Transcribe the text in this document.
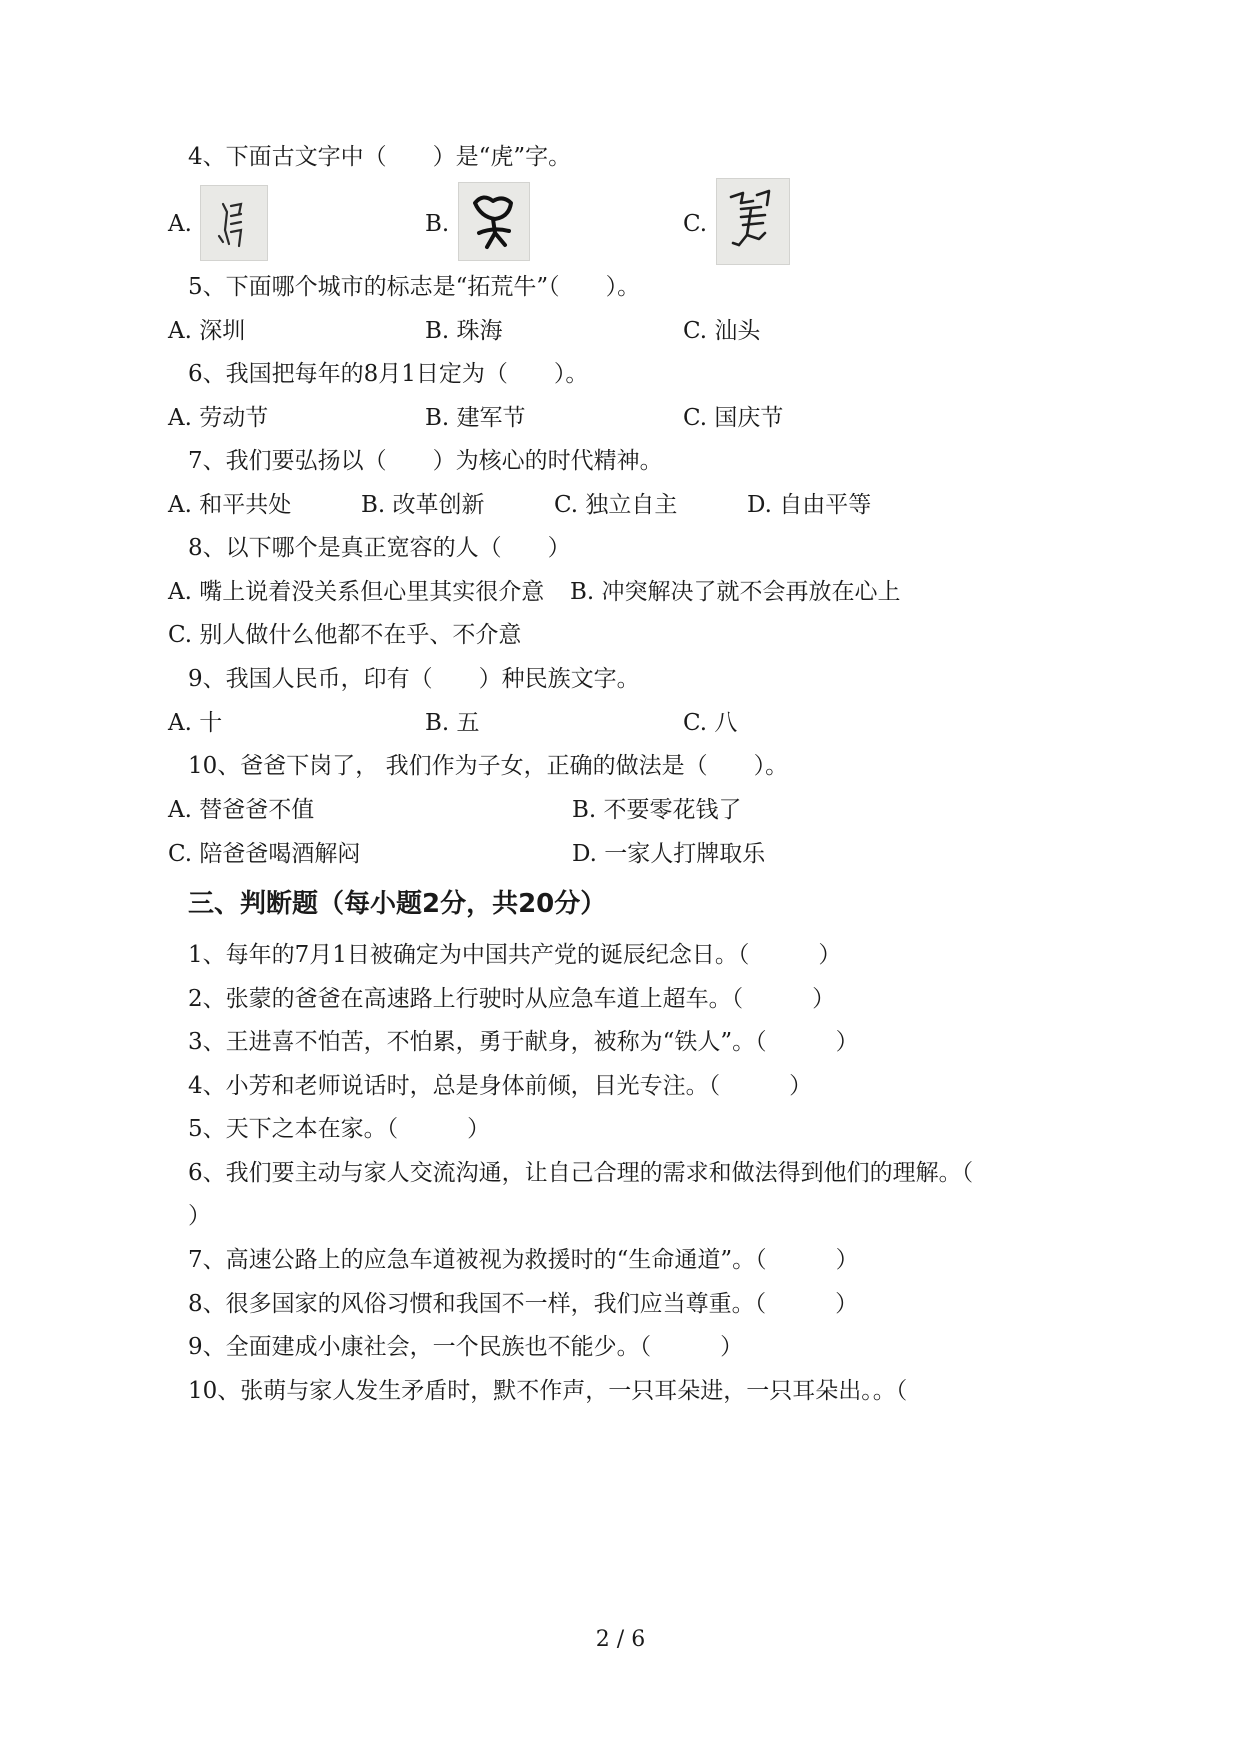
4、下面古文字中（　　）是“虎”字。
A.	B.	C.
5、下面哪个城市的标志是“拓荒牛”（　　）。
A. 深圳	B. 珠海	C. 汕头
6、我国把每年的8月1日定为（　　）。
A. 劳动节	B. 建军节	C. 国庆节
7、我们要弘扬以（　　）为核心的时代精神。
A. 和平共处	B. 改革创新	C. 独立自主	D. 自由平等
8、以下哪个是真正宽容的人（　　）
A. 嘴上说着没关系但心里其实很介意 B. 冲突解决了就不会再放在心上
C. 别人做什么他都不在乎、不介意
9、我国人民币，印有（　　）种民族文字。
A. 十	B. 五	C. 八
10、爸爸下岗了， 我们作为子女，正确的做法是（　　）。
A. 替爸爸不值	B. 不要零花钱了
C. 陪爸爸喝酒解闷	D. 一家人打牌取乐
三、判断题（每小题2分，共20分）
1、每年的7月1日被确定为中国共产党的诞辰纪念日。（　　　）
2、张蒙的爸爸在高速路上行驶时从应急车道上超车。（　　　）
3、王进喜不怕苦，不怕累，勇于献身，被称为“铁人”。（　　　）
4、小芳和老师说话时，总是身体前倾，目光专注。（　　　）
5、天下之本在家。（　　　）
6、我们要主动与家人交流沟通，让自己合理的需求和做法得到他们的理解。（
）
7、高速公路上的应急车道被视为救援时的“生命通道”。（　　　）
8、很多国家的风俗习惯和我国不一样，我们应当尊重。（　　　）
9、全面建成小康社会，一个民族也不能少。（　　　）
10、张萌与家人发生矛盾时，默不作声，一只耳朵进，一只耳朵出。。（
2 / 6
